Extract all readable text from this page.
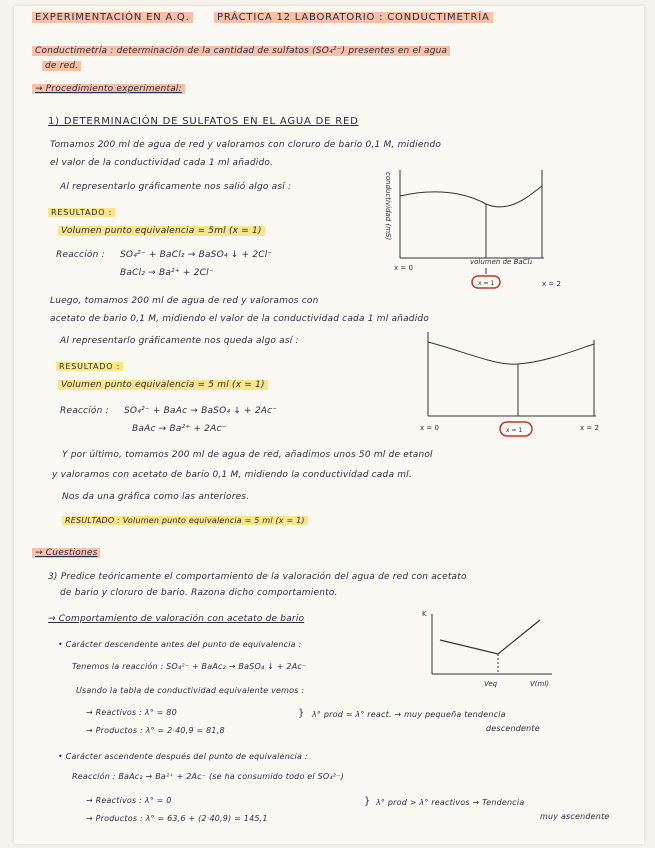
EXPERIMENTACIÓN EN A.Q.	PRÁCTICA 12 LABORATORIO : CONDUCTIMETRÍA
Conductimetría : determinación de la cantidad de sulfatos (SO₄²⁻) presentes en el agua
de red.
→ Procedimiento experimental:
1) DETERMINACIÓN DE SULFATOS EN EL AGUA DE RED
Tomamos 200 ml de agua de red y valoramos con cloruro de bario 0,1 M, midiendo
el valor de la conductividad cada 1 ml añadido.
Al representarlo gráficamente nos salió algo así :
RESULTADO :
Volumen punto equivalencia = 5ml (x = 1)
Reacción : SO₄²⁻ + BaCl₂ → BaSO₄ ↓ + 2Cl⁻
BaCl₂ → Ba²⁺ + 2Cl⁻
conductividad (mS)
x = 0
x = 2
volumen de BaCl₂
x = 1
Luego, tomamos 200 ml de agua de red y valoramos con
acetato de bario 0,1 M, midiendo el valor de la conductividad cada 1 ml añadido
Al representarlo gráficamente nos queda algo así :
RESULTADO :
Volumen punto equivalencia = 5 ml (x = 1)
Reacción : SO₄²⁻ + BaAc → BaSO₄ ↓ + 2Ac⁻
BaAc → Ba²⁺ + 2Ac⁻	x = 0	x = 1	x = 2
Y por último, tomamos 200 ml de agua de red, añadimos unos 50 ml de etanol
y valoramos con acetato de bario 0,1 M, midiendo la conductividad cada ml.
Nos da una gráfica como las anteriores.
RESULTADO : Volumen punto equivalencia = 5 ml (x = 1)
→ Cuestiones
3) Predice teóricamente el comportamiento de la valoración del agua de red con acetato
de bario y cloruro de bario. Razona dicho comportamiento.
→ Comportamiento de valoración con acetato de bario
• Carácter descendente antes del punto de equivalencia :
Tenemos la reacción : SO₄²⁻ + BaAc₂ → BaSO₄ ↓ + 2Ac⁻
Usando la tabla de conductividad equivalente vemos :
→ Reactivos : λ° = 80
→ Productos : λ° = 2·40,9 = 81,8
} λ° prod ≃ λ° react. → muy pequeña tendencia
descendente
• Carácter ascendente después del punto de equivalencia :
Reacción : BaAc₂ → Ba²⁺ + 2Ac⁻ (se ha consumido todo el SO₄²⁻)
→ Reactivos : λ° = 0
→ Productos : λ° = 63,6 + (2·40,9) = 145,1
} λ° prod > λ° reactivos → Tendencia
muy ascendente
K
Veq	V(ml)
